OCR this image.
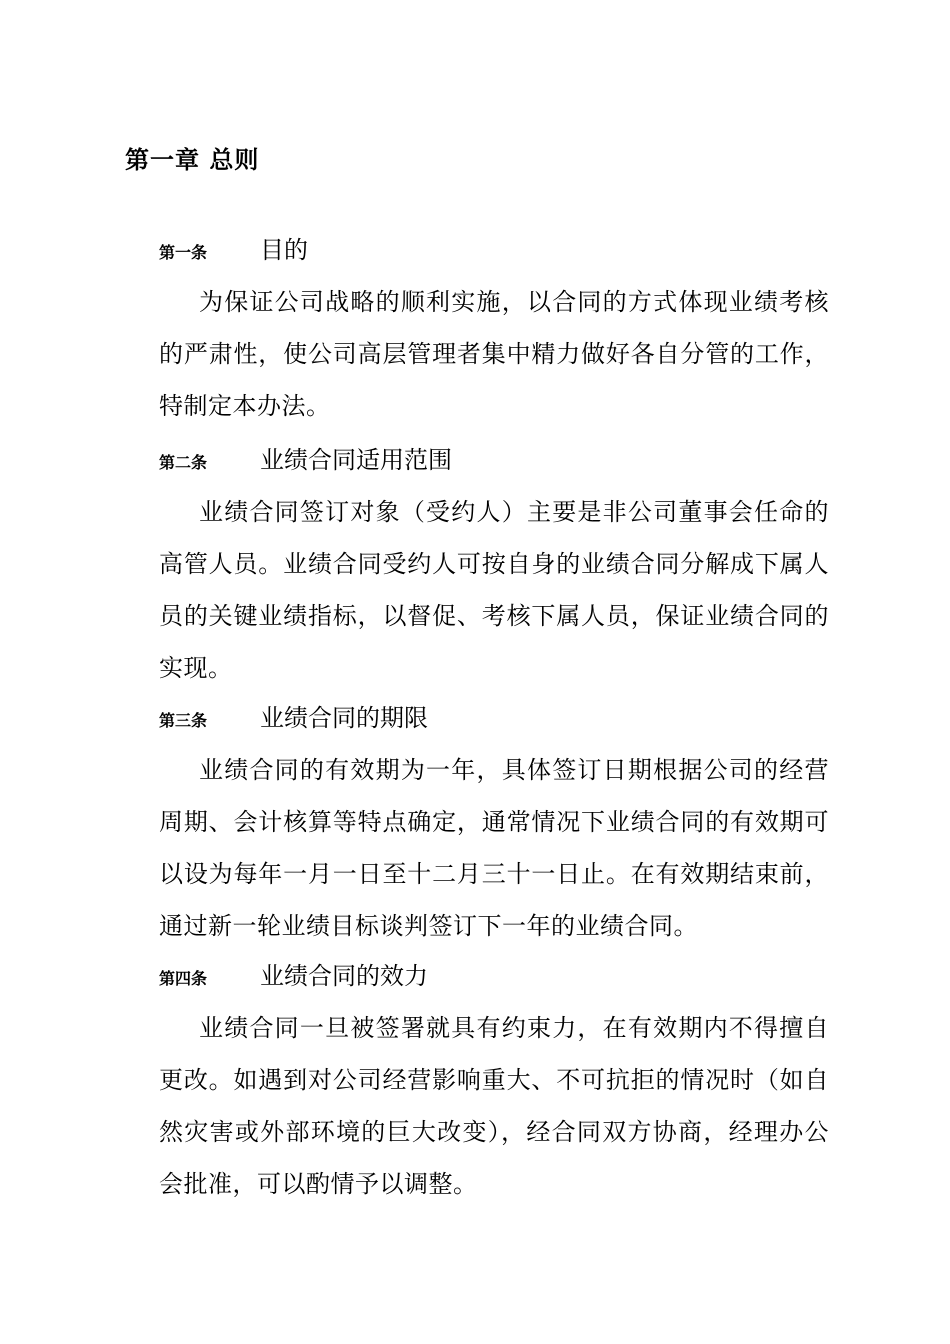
第一章 总则
第一条 目的

为保证公司战略的顺利实施，以合同的方式体现业绩考核的严肃性，使公司高层管理者集中精力做好各自分管的工作，特制定本办法。

第二条 业绩合同适用范围

业绩合同签订对象（受约人）主要是非公司董事会任命的高管人员。业绩合同受约人可按自身的业绩合同分解成下属人员的关键业绩指标，以督促、考核下属人员，保证业绩合同的实现。

第三条 业绩合同的期限

业绩合同的有效期为一年，具体签订日期根据公司的经营周期、会计核算等特点确定，通常情况下业绩合同的有效期可以设为每年一月一日至十二月三十一日止。在有效期结束前，通过新一轮业绩目标谈判签订下一年的业绩合同。

第四条 业绩合同的效力

业绩合同一旦被签署就具有约束力，在有效期内不得擅自更改。如遇到对公司经营影响重大、不可抗拒的情况时（如自然灾害或外部环境的巨大改变），经合同双方协商，经理办公会批准，可以酌情予以调整。
